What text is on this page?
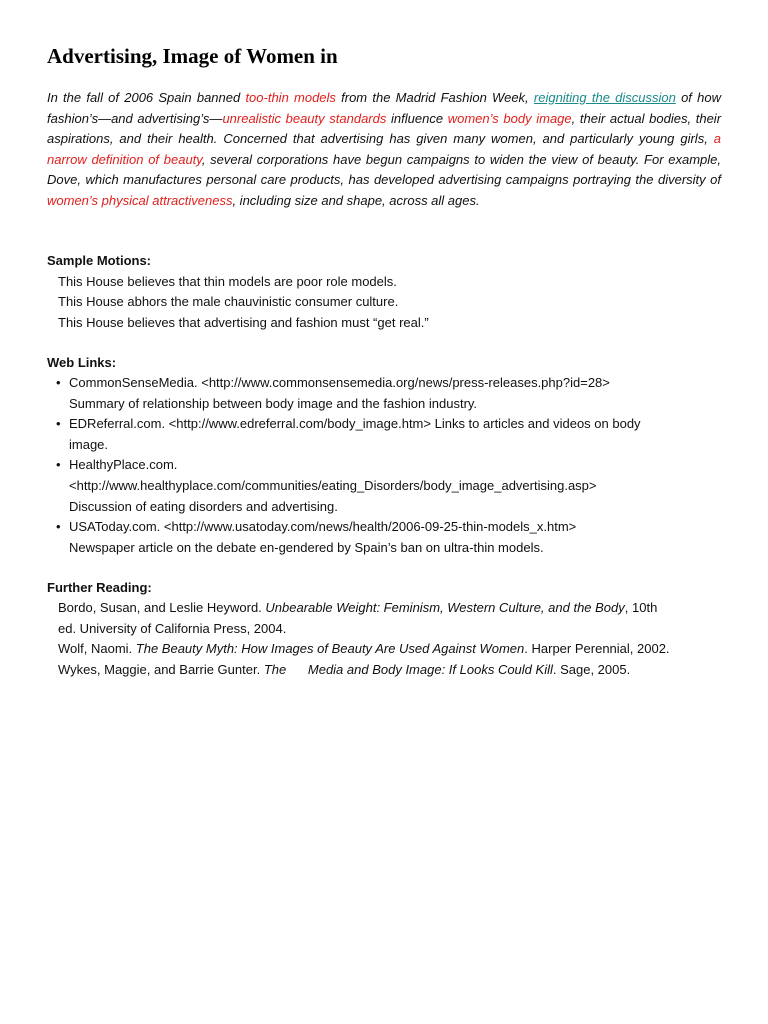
Advertising, Image of Women in

In the fall of 2006 Spain banned too-thin models from the Madrid Fashion Week, reigniting the discussion of how fashion’s—and advertising’s—unrealistic beauty standards influence women’s body image, their actual bodies, their aspirations, and their health. Concerned that advertising has given many women, and particularly young girls, a narrow definition of beauty, several corporations have begun campaigns to widen the view of beauty. For example, Dove, which manufactures personal care products, has developed advertising campaigns portraying the diversity of women’s physical attractiveness, including size and shape, across all ages.

Sample Motions:

This House believes that thin models are poor role models.

This House abhors the male chauvinistic consumer culture.

This House believes that advertising and fashion must “get real.”

Web Links:

• CommonSenseMedia. <http://www.commonsensemedia.org/news/press-releases.php?id=28>
Summary of relationship between body image and the fashion industry.
• EDReferral.com. <http://www.edreferral.com/body_image.htm> Links to articles and videos on body
image.
• HealthyPlace.com.
<http://www.healthyplace.com/communities/eating_Disorders/body_image_advertising.asp>
Discussion of eating disorders and advertising.
• USAToday.com. <http://www.usatoday.com/news/health/2006-09-25-thin-models_x.htm>
Newspaper article on the debate en-gendered by Spain’s ban on ultra-thin models.

Further Reading:

Bordo, Susan, and Leslie Heyword. Unbearable Weight: Feminism, Western Culture, and the Body, 10th
ed. University of California Press, 2004.
Wolf, Naomi. The Beauty Myth: How Images of Beauty Are Used Against Women. Harper Perennial, 2002.
Wykes, Maggie, and Barrie Gunter. The      Media and Body Image: If Looks Could Kill. Sage, 2005.
